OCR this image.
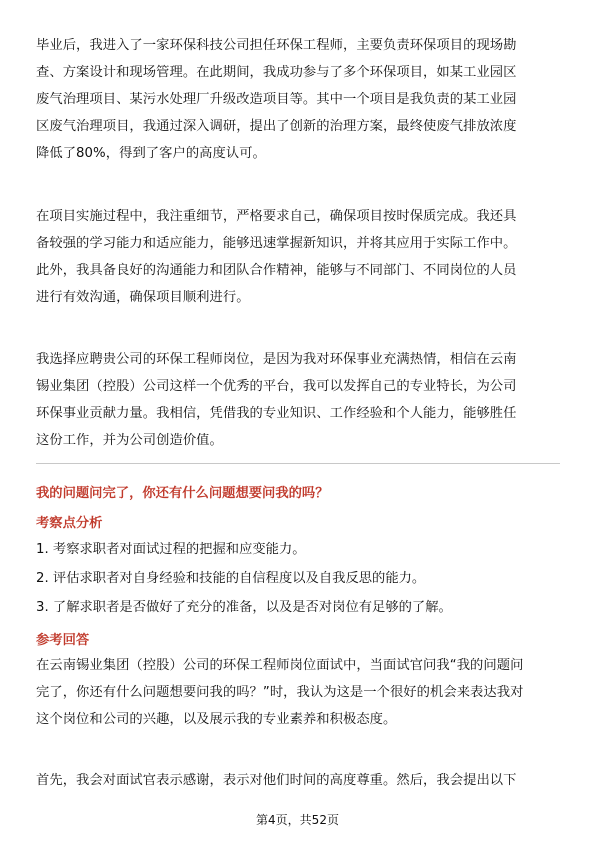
毕业后，我进入了一家环保科技公司担任环保工程师，主要负责环保项目的现场勘
查、方案设计和现场管理。在此期间，我成功参与了多个环保项目，如某工业园区
废气治理项目、某污水处理厂升级改造项目等。其中一个项目是我负责的某工业园
区废气治理项目，我通过深入调研，提出了创新的治理方案，最终使废气排放浓度
降低了80%，得到了客户的高度认可。

在项目实施过程中，我注重细节，严格要求自己，确保项目按时保质完成。我还具
备较强的学习能力和适应能力，能够迅速掌握新知识，并将其应用于实际工作中。
此外，我具备良好的沟通能力和团队合作精神，能够与不同部门、不同岗位的人员
进行有效沟通，确保项目顺利进行。

我选择应聘贵公司的环保工程师岗位，是因为我对环保事业充满热情，相信在云南
锡业集团（控股）公司这样一个优秀的平台，我可以发挥自己的专业特长，为公司
环保事业贡献力量。我相信，凭借我的专业知识、工作经验和个人能力，能够胜任
这份工作，并为公司创造价值。

我的问题问完了，你还有什么问题想要问我的吗？

考察点分析

1. 考察求职者对面试过程的把握和应变能力。

2. 评估求职者对自身经验和技能的自信程度以及自我反思的能力。

3. 了解求职者是否做好了充分的准备，以及是否对岗位有足够的了解。

参考回答

在云南锡业集团（控股）公司的环保工程师岗位面试中，当面试官问我“我的问题问
完了，你还有什么问题想要问我的吗？”时，我认为这是一个很好的机会来表达我对
这个岗位和公司的兴趣，以及展示我的专业素养和积极态度。

首先，我会对面试官表示感谢，表示对他们时间的高度尊重。然后，我会提出以下

第4页，共52页
